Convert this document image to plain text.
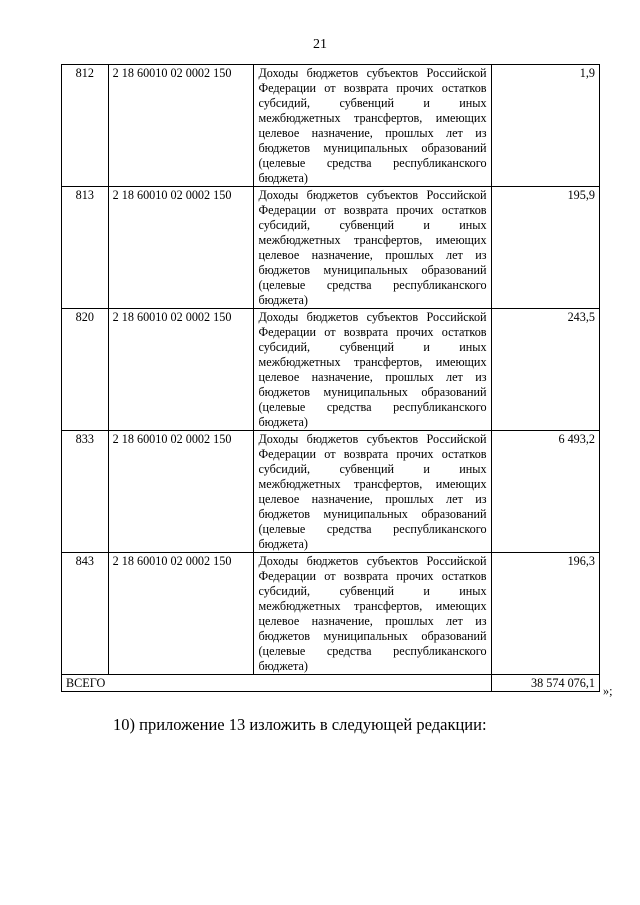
21
812	2 18 60010 02 0002 150	Доходы бюджетов субъектов Российской Федерации от возврата прочих остатков субсидий, субвенций и иных межбюджетных трансфертов, имеющих целевое назначение, прошлых лет из бюджетов муниципальных образований (целевые средства республиканского бюджета)	1,9
813	2 18 60010 02 0002 150	Доходы бюджетов субъектов Российской Федерации от возврата прочих остатков субсидий, субвенций и иных межбюджетных трансфертов, имеющих целевое назначение, прошлых лет из бюджетов муниципальных образований (целевые средства республиканского бюджета)	195,9
820	2 18 60010 02 0002 150	Доходы бюджетов субъектов Российской Федерации от возврата прочих остатков субсидий, субвенций и иных межбюджетных трансфертов, имеющих целевое назначение, прошлых лет из бюджетов муниципальных образований (целевые средства республиканского бюджета)	243,5
833	2 18 60010 02 0002 150	Доходы бюджетов субъектов Российской Федерации от возврата прочих остатков субсидий, субвенций и иных межбюджетных трансфертов, имеющих целевое назначение, прошлых лет из бюджетов муниципальных образований (целевые средства республиканского бюджета)	6 493,2
843	2 18 60010 02 0002 150	Доходы бюджетов субъектов Российской Федерации от возврата прочих остатков субсидий, субвенций и иных межбюджетных трансфертов, имеющих целевое назначение, прошлых лет из бюджетов муниципальных образований (целевые средства республиканского бюджета)	196,3
ВСЕГО			38 574 076,1
»;
10) приложение 13 изложить в следующей редакции:
